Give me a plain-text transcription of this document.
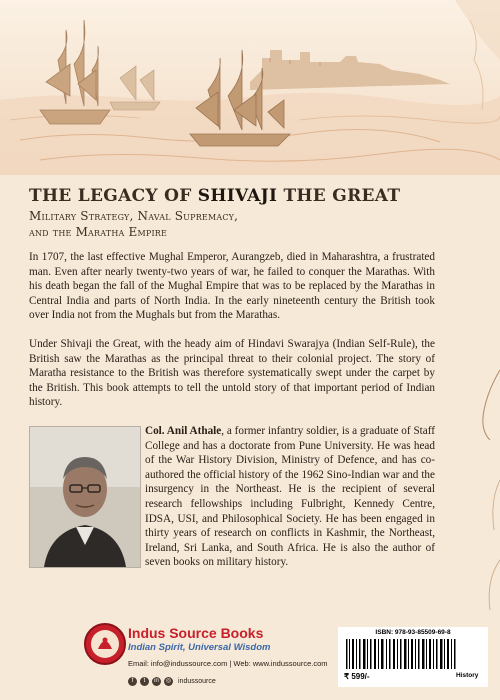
THE LEGACY OF SHIVAJI THE GREAT
Military Strategy, Naval Supremacy,
and the Maratha Empire

In 1707, the last effective Mughal Emperor, Aurangzeb, died in Maharashtra, a frustrated man. Even after nearly twenty-two years of war, he failed to conquer the Marathas. With his death began the fall of the Mughal Empire that was to be replaced by the Marathas in Central India and parts of North India. In the early nineteenth century the British took over India not from the Mughals but from the Marathas.

Under Shivaji the Great, with the heady aim of Hindavi Swarajya (Indian Self-Rule), the British saw the Marathas as the principal threat to their colonial project. The story of Maratha resistance to the British was therefore systematically swept under the carpet by the British. This book attempts to tell the untold story of that important period of Indian history.

Col. Anil Athale, a former infantry soldier, is a graduate of Staff College and has a doctorate from Pune University. He was head of the War History Division, Ministry of Defence, and has co-authored the official history of the 1962 Sino-Indian war and the insurgency in the Northeast. He is the recipient of several research fellowships including Fulbright, Kennedy Centre, IDSA, USI, and Philosophical Society. He has been engaged in thirty years of research on conflicts in Kashmir, the Northeast, Ireland, Sri Lanka, and South Africa. He is also the author of seven books on military history.
Indus Source Books
Indian Spirit, Universal Wisdom
Email: info@indussource.com | Web: www.indussource.com
f	t	in	◎ indussource
ISBN: 978-93-85509-69-8
₹ 599/-	History
